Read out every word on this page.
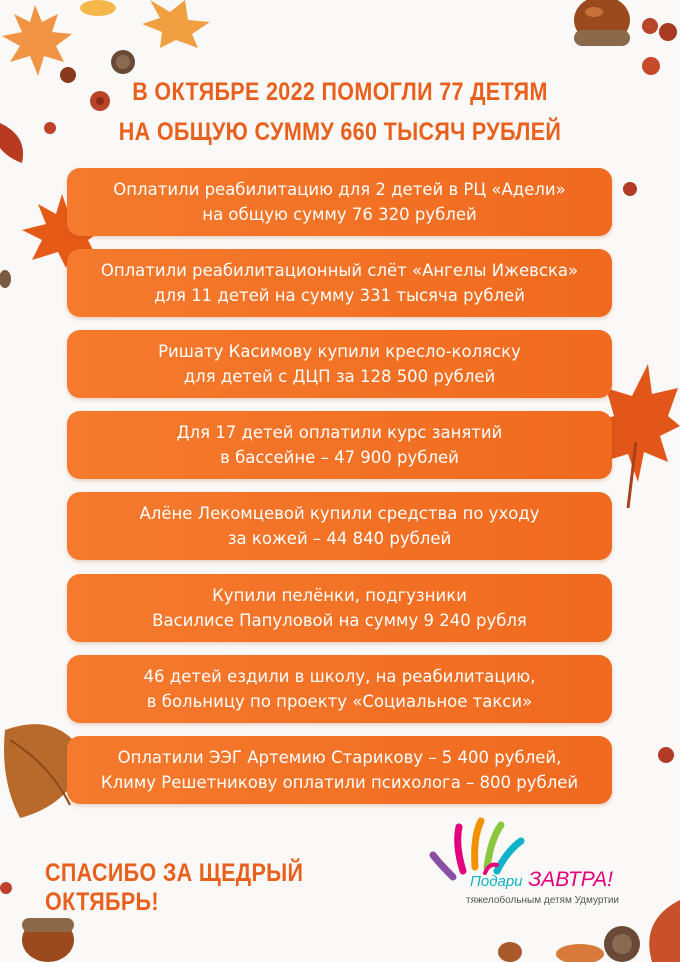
В ОКТЯБРЕ 2022 ПОМОГЛИ 77 ДЕТЯМ
НА ОБЩУЮ СУММУ 660 ТЫСЯЧ РУБЛЕЙ
Оплатили реабилитацию для 2 детей в РЦ «Адели»
на общую сумму 76 320 рублей
Оплатили реабилитационный слёт «Ангелы Ижевска»
для 11 детей на сумму 331 тысяча рублей
Ришату Касимову купили кресло-коляску
для детей с ДЦП за 128 500 рублей
Для 17 детей оплатили курс занятий
в бассейне – 47 900 рублей
Алёне Лекомцевой купили средства по уходу
за кожей – 44 840 рублей
Купили пелёнки, подгузники
Василисе Папуловой на сумму 9 240 рубля
46 детей ездили в школу, на реабилитацию,
в больницу по проекту «Социальное такси»
Оплатили ЭЭГ Артемию Старикову – 5 400 рублей,
Климу Решетникову оплатили психолога – 800 рублей
СПАСИБО ЗА ЩЕДРЫЙ ОКТЯБРЬ!
Подари ЗАВТРА!
тяжелобольным детям Удмуртии
